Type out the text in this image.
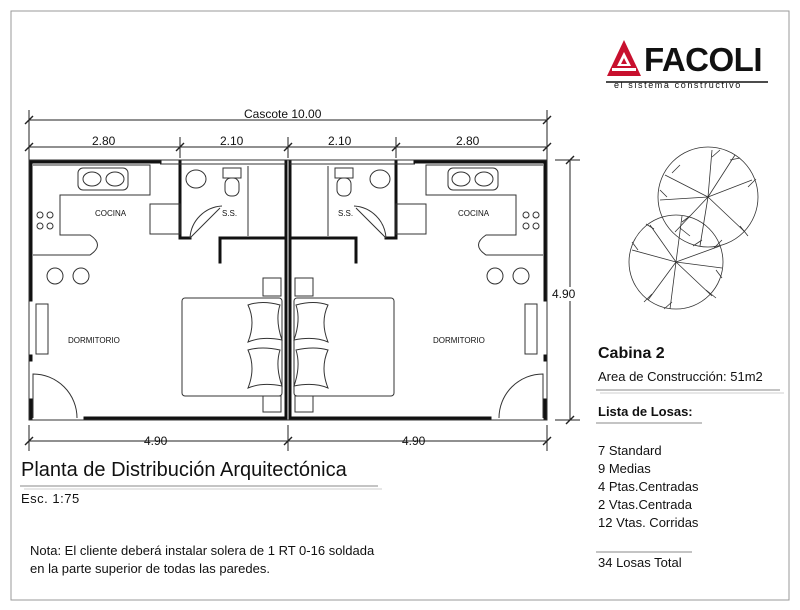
FACOLI
el sistema constructivo
Cascote 10.00
2.80	2.10	2.10	2.80
4.90	4.90
4.90
COCINA	S.S.	S.S.	COCINA
DORMITORIO	DORMITORIO
Planta de Distribución Arquitectónica
Esc. 1:75
Nota: El cliente deberá instalar solera de 1 RT 0-16 soldada en la parte superior de todas las paredes.
Cabina 2
Area de Construcción: 51m2
Lista de Losas:
7 Standard
9 Medias
4 Ptas.Centradas
2 Vtas.Centrada
12 Vtas. Corridas
34 Losas Total
